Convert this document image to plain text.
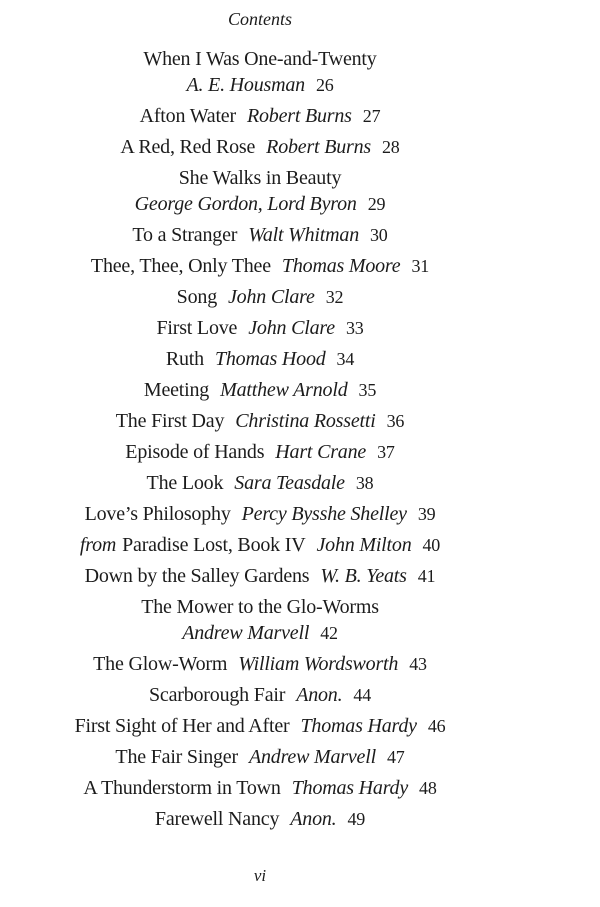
Contents

When I Was One-and-Twenty
A. E. Housman 26

Afton Water Robert Burns 27

A Red, Red Rose Robert Burns 28

She Walks in Beauty
George Gordon, Lord Byron 29

To a Stranger Walt Whitman 30

Thee, Thee, Only Thee Thomas Moore 31

Song John Clare 32

First Love John Clare 33

Ruth Thomas Hood 34

Meeting Matthew Arnold 35

The First Day Christina Rossetti 36

Episode of Hands Hart Crane 37

The Look Sara Teasdale 38

Love’s Philosophy Percy Bysshe Shelley 39

from Paradise Lost, Book IV John Milton 40

Down by the Salley Gardens W. B. Yeats 41

The Mower to the Glo-Worms
Andrew Marvell 42

The Glow-Worm William Wordsworth 43

Scarborough Fair Anon. 44

First Sight of Her and After Thomas Hardy 46

The Fair Singer Andrew Marvell 47

A Thunderstorm in Town Thomas Hardy 48

Farewell Nancy Anon. 49

vi
